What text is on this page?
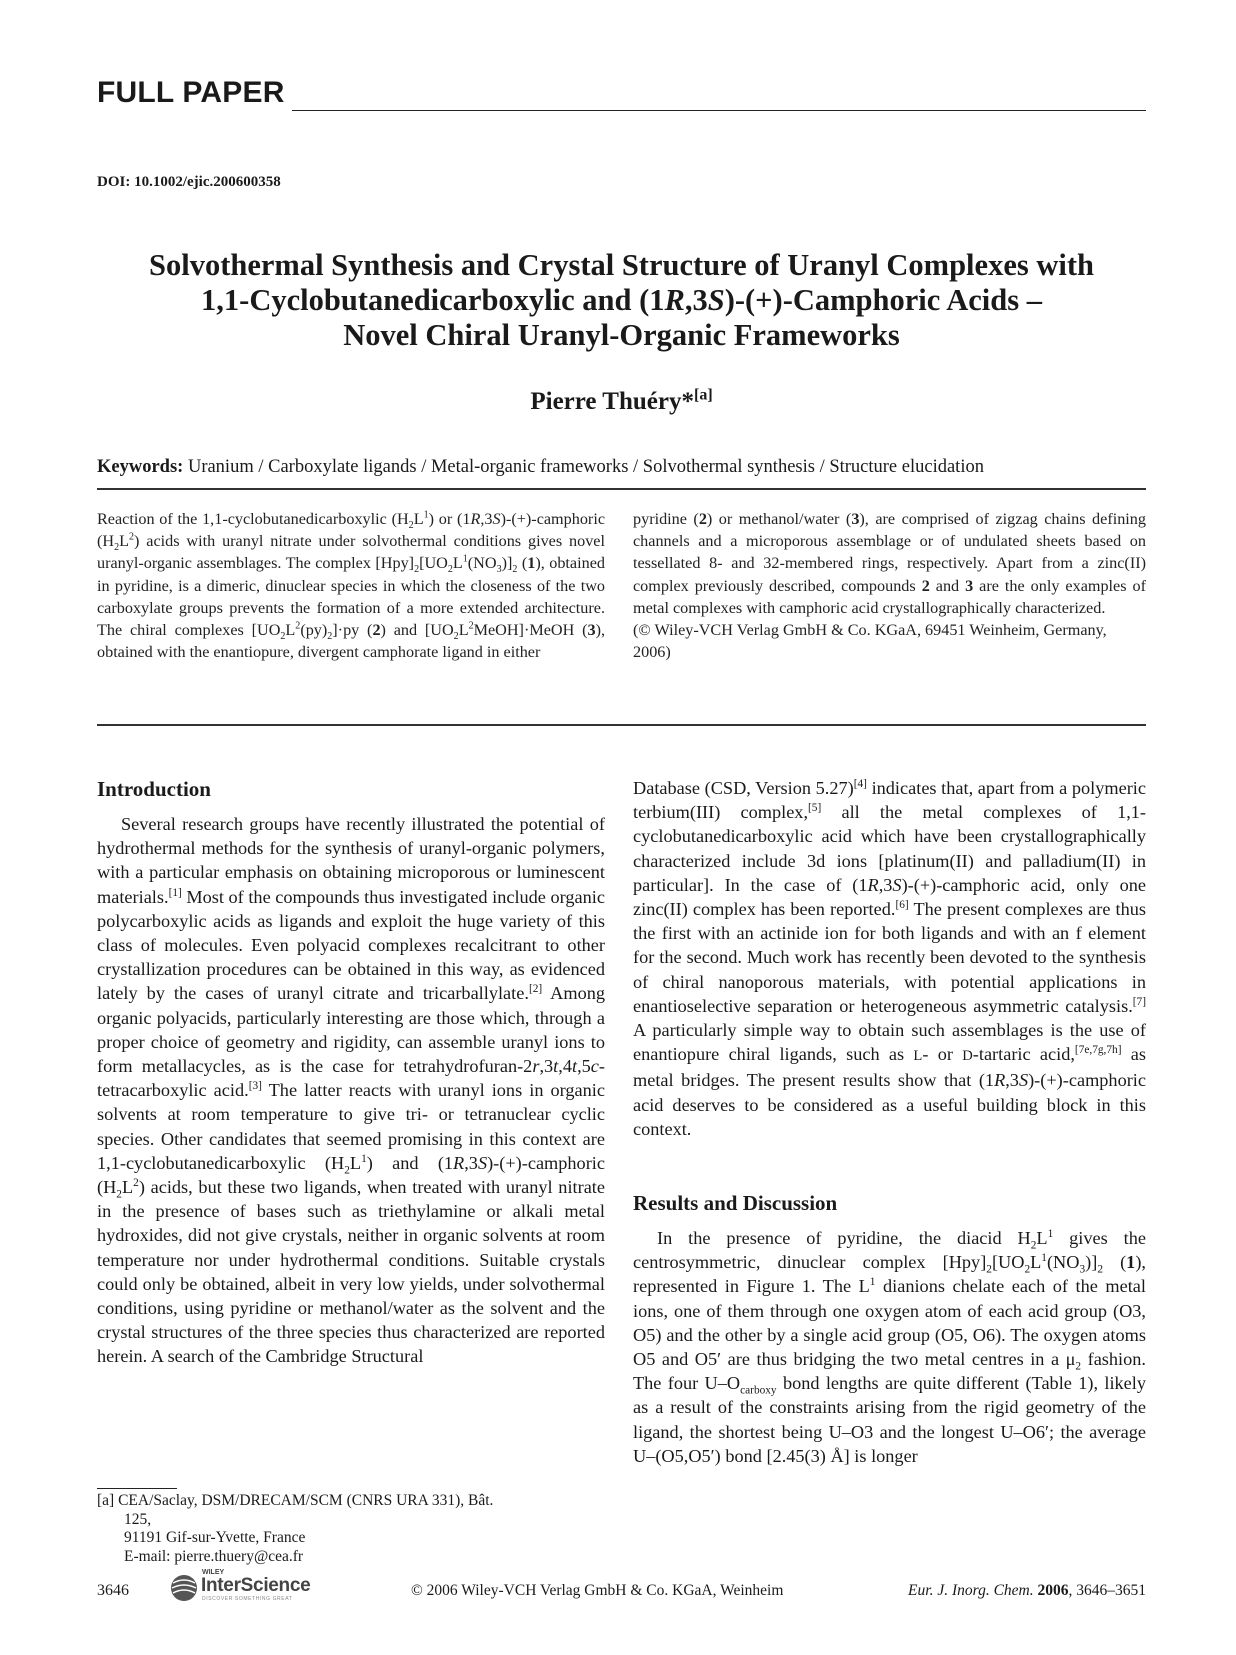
FULL PAPER
DOI: 10.1002/ejic.200600358
Solvothermal Synthesis and Crystal Structure of Uranyl Complexes with
1,1-Cyclobutanedicarboxylic and (1R,3S)-(+)-Camphoric Acids –
Novel Chiral Uranyl-Organic Frameworks
Pierre Thuéry*[a]
Keywords: Uranium / Carboxylate ligands / Metal-organic frameworks / Solvothermal synthesis / Structure elucidation
Reaction of the 1,1-cyclobutanedicarboxylic $(H_2L^1)$ or (1R,3S)-(+)-camphoric $(H_2L^2)$ acids with uranyl nitrate under solvothermal conditions gives novel uranyl-organic assemblages. The complex $[Hpy]_2[UO_2L^1(NO_3)]_2$ (1), obtained in pyridine, is a dimeric, dinuclear species in which the closeness of the two carboxylate groups prevents the formation of a more extended architecture. The chiral complexes $[UO_2L^2(py)_2]\cdot py$ (2) and $[UO_2L^2MeOH]\cdot MeOH$ (3), obtained with the enantiopure, divergent camphorate ligand in either

pyridine (2) or methanol/water (3), are comprised of zigzag chains defining channels and a microporous assemblage or of undulated sheets based on tessellated 8- and 32-membered rings, respectively. Apart from a zinc(II) complex previously described, compounds 2 and 3 are the only examples of metal complexes with camphoric acid crystallographically characterized.

(© Wiley-VCH Verlag GmbH & Co. KGaA, 69451 Weinheim, Germany, 2006)

Introduction

Several research groups have recently illustrated the potential of hydrothermal methods for the synthesis of uranyl-organic polymers, with a particular emphasis on obtaining microporous or luminescent materials.[1] Most of the compounds thus investigated include organic polycarboxylic acids as ligands and exploit the huge variety of this class of molecules. Even polyacid complexes recalcitrant to other crystallization procedures can be obtained in this way, as evidenced lately by the cases of uranyl citrate and tricarballylate.[2] Among organic polyacids, particularly interesting are those which, through a proper choice of geometry and rigidity, can assemble uranyl ions to form metallacycles, as is the case for tetrahydrofuran-2r,3t,4t,5c-tetracarboxylic acid.[3] The latter reacts with uranyl ions in organic solvents at room temperature to give tri- or tetranuclear cyclic species. Other candidates that seemed promising in this context are 1,1-cyclobutanedicarboxylic $(H_2L^1)$ and (1R,3S)-(+)-camphoric $(H_2L^2)$ acids, but these two ligands, when treated with uranyl nitrate in the presence of bases such as triethylamine or alkali metal hydroxides, did not give crystals, neither in organic solvents at room temperature nor under hydrothermal conditions. Suitable crystals could only be obtained, albeit in very low yields, under solvothermal conditions, using pyridine or methanol/water as the solvent and the crystal structures of the three species thus characterized are reported herein. A search of the Cambridge Structural

Database (CSD, Version 5.27)[4] indicates that, apart from a polymeric terbium(III) complex,[5] all the metal complexes of 1,1-cyclobutanedicarboxylic acid which have been crystallographically characterized include 3d ions [platinum(II) and palladium(II) in particular]. In the case of (1R,3S)-(+)-camphoric acid, only one zinc(II) complex has been reported.[6] The present complexes are thus the first with an actinide ion for both ligands and with an f element for the second. Much work has recently been devoted to the synthesis of chiral nanoporous materials, with potential applications in enantioselective separation or heterogeneous asymmetric catalysis.[7] A particularly simple way to obtain such assemblages is the use of enantiopure chiral ligands, such as L- or D-tartaric acid,[7e,7g,7h] as metal bridges. The present results show that (1R,3S)-(+)-camphoric acid deserves to be considered as a useful building block in this context.

Results and Discussion

In the presence of pyridine, the diacid $H_2L^1$ gives the centrosymmetric, dinuclear complex $[Hpy]_2[UO_2L^1(NO_3)]_2$ (1), represented in Figure 1. The $L^1$ dianions chelate each of the metal ions, one of them through one oxygen atom of each acid group (O3, O5) and the other by a single acid group (O5, O6). The oxygen atoms O5 and O5′ are thus bridging the two metal centres in a $\mu_2$ fashion. The four $U-O_{carboxy}$ bond lengths are quite different (Table 1), likely as a result of the constraints arising from the rigid geometry of the ligand, the shortest being U–O3 and the longest U–O6′; the average U–(O5,O5′) bond [2.45(3) Å] is longer

[a] CEA/Saclay, DSM/DRECAM/SCM (CNRS URA 331), Bât.
125,
91191 Gif-sur-Yvette, France
E-mail: pierre.thuery@cea.fr
3646
WILEY
InterScience
DISCOVER SOMETHING GREAT	© 2006 Wiley-VCH Verlag GmbH & Co. KGaA, Weinheim	Eur. J. Inorg. Chem. 2006, 3646–3651
